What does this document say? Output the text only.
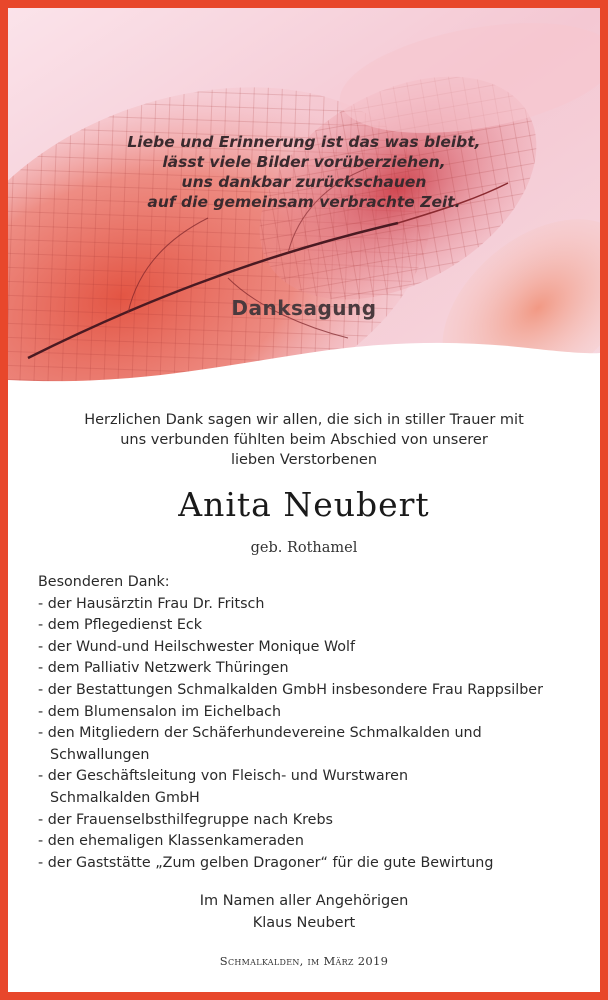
Liebe und Erinnerung ist das was bleibt,
lässt viele Bilder vorüberziehen,
uns dankbar zurückschauen
auf die gemeinsam verbrachte Zeit.
Danksagung
Herzlichen Dank sagen wir allen, die sich in stiller Trauer mit
uns verbunden fühlten beim Abschied von unserer
lieben Verstorbenen
Anita Neubert
geb. Rothamel
Besonderen Dank:
- der Hausärztin Frau Dr. Fritsch
- dem Pflegedienst Eck
- der Wund-und Heilschwester Monique Wolf
- dem Palliativ Netzwerk Thüringen
- der Bestattungen Schmalkalden GmbH insbesondere Frau Rappsilber
- dem Blumensalon im Eichelbach
- den Mitgliedern der Schäferhundevereine Schmalkalden und
Schwallungen
- der Geschäftsleitung von Fleisch- und Wurstwaren
Schmalkalden GmbH
- der Frauenselbsthilfegruppe nach Krebs
- den ehemaligen Klassenkameraden
- der Gaststätte „Zum gelben Dragoner“ für die gute Bewirtung
Im Namen aller Angehörigen
Klaus Neubert
Schmalkalden, im März 2019
